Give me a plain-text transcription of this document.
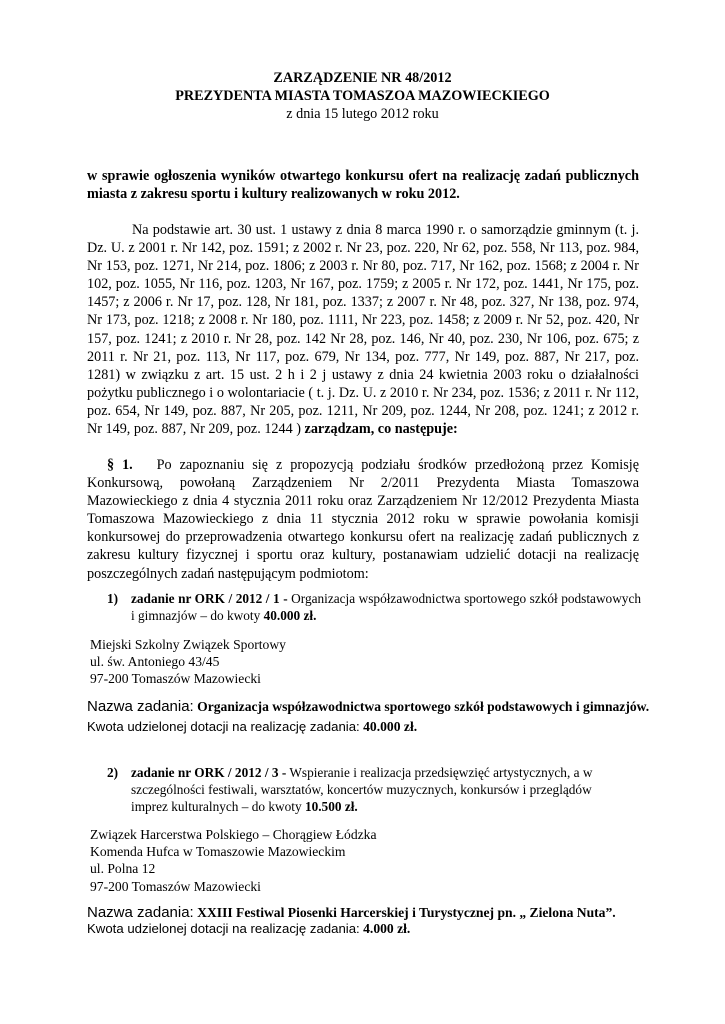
ZARZĄDZENIE NR 48/2012
PREZYDENTA MIASTA TOMASZOA MAZOWIECKIEGO
z dnia 15 lutego 2012 roku
w sprawie ogłoszenia wyników otwartego konkursu ofert na realizację zadań publicznych miasta z zakresu sportu i kultury realizowanych w roku 2012.
Na podstawie art. 30 ust. 1 ustawy z dnia 8 marca 1990 r. o samorządzie gminnym (t. j. Dz. U. z 2001 r. Nr 142, poz. 1591; z 2002 r. Nr 23, poz. 220, Nr 62, poz. 558, Nr 113, poz. 984, Nr 153, poz. 1271, Nr 214, poz. 1806; z 2003 r. Nr 80, poz. 717, Nr 162, poz. 1568; z 2004 r. Nr 102, poz. 1055, Nr 116, poz. 1203, Nr 167, poz. 1759; z 2005 r. Nr 172, poz. 1441, Nr 175, poz. 1457; z 2006 r. Nr 17, poz. 128, Nr 181, poz. 1337; z 2007 r. Nr 48, poz. 327, Nr 138, poz. 974, Nr 173, poz. 1218; z 2008 r. Nr 180, poz. 1111, Nr 223, poz. 1458; z 2009 r. Nr 52, poz. 420, Nr 157, poz. 1241; z 2010 r. Nr 28, poz. 142 Nr 28, poz. 146, Nr 40, poz. 230, Nr 106, poz. 675; z 2011 r. Nr 21, poz. 113, Nr 117, poz. 679, Nr 134, poz. 777, Nr 149, poz. 887, Nr 217, poz. 1281) w związku z art. 15 ust. 2 h i 2 j ustawy z dnia 24 kwietnia 2003 roku o działalności pożytku publicznego i o wolontariacie ( t. j. Dz. U. z 2010 r. Nr 234, poz. 1536; z 2011 r. Nr 112, poz. 654, Nr 149, poz. 887, Nr 205, poz. 1211, Nr 209, poz. 1244, Nr 208, poz. 1241; z 2012 r. Nr 149, poz. 887, Nr 209, poz. 1244 ) zarządzam, co następuje:
§ 1. Po zapoznaniu się z propozycją podziału środków przedłożoną przez Komisję Konkursową, powołaną Zarządzeniem Nr 2/2011 Prezydenta Miasta Tomaszowa Mazowieckiego z dnia 4 stycznia 2011 roku oraz Zarządzeniem Nr 12/2012 Prezydenta Miasta Tomaszowa Mazowieckiego z dnia 11 stycznia 2012 roku w sprawie powołania komisji konkursowej do przeprowadzenia otwartego konkursu ofert na realizację zadań publicznych z zakresu kultury fizycznej i sportu oraz kultury, postanawiam udzielić dotacji na realizację poszczególnych zadań następującym podmiotom:
1) zadanie nr ORK / 2012 / 1 - Organizacja współzawodnictwa sportowego szkół podstawowych i gimnazjów – do kwoty 40.000 zł.
Miejski Szkolny Związek Sportowy
ul. św. Antoniego 43/45
97-200 Tomaszów Mazowiecki
Nazwa zadania: Organizacja współzawodnictwa sportowego szkół podstawowych i gimnazjów.
Kwota udzielonej dotacji na realizację zadania: 40.000 zł.
2) zadanie nr ORK / 2012 / 3 - Wspieranie i realizacja przedsięwzięć artystycznych, a w szczególności festiwali, warsztatów, koncertów muzycznych, konkursów i przeglądów imprez kulturalnych – do kwoty 10.500 zł.
Związek Harcerstwa Polskiego – Chorągiew Łódzka
Komenda Hufca w Tomaszowie Mazowieckim
ul. Polna 12
97-200 Tomaszów Mazowiecki
Nazwa zadania: XXIII Festiwal Piosenki Harcerskiej i Turystycznej pn. „ Zielona Nuta”.
Kwota udzielonej dotacji na realizację zadania: 4.000 zł.
